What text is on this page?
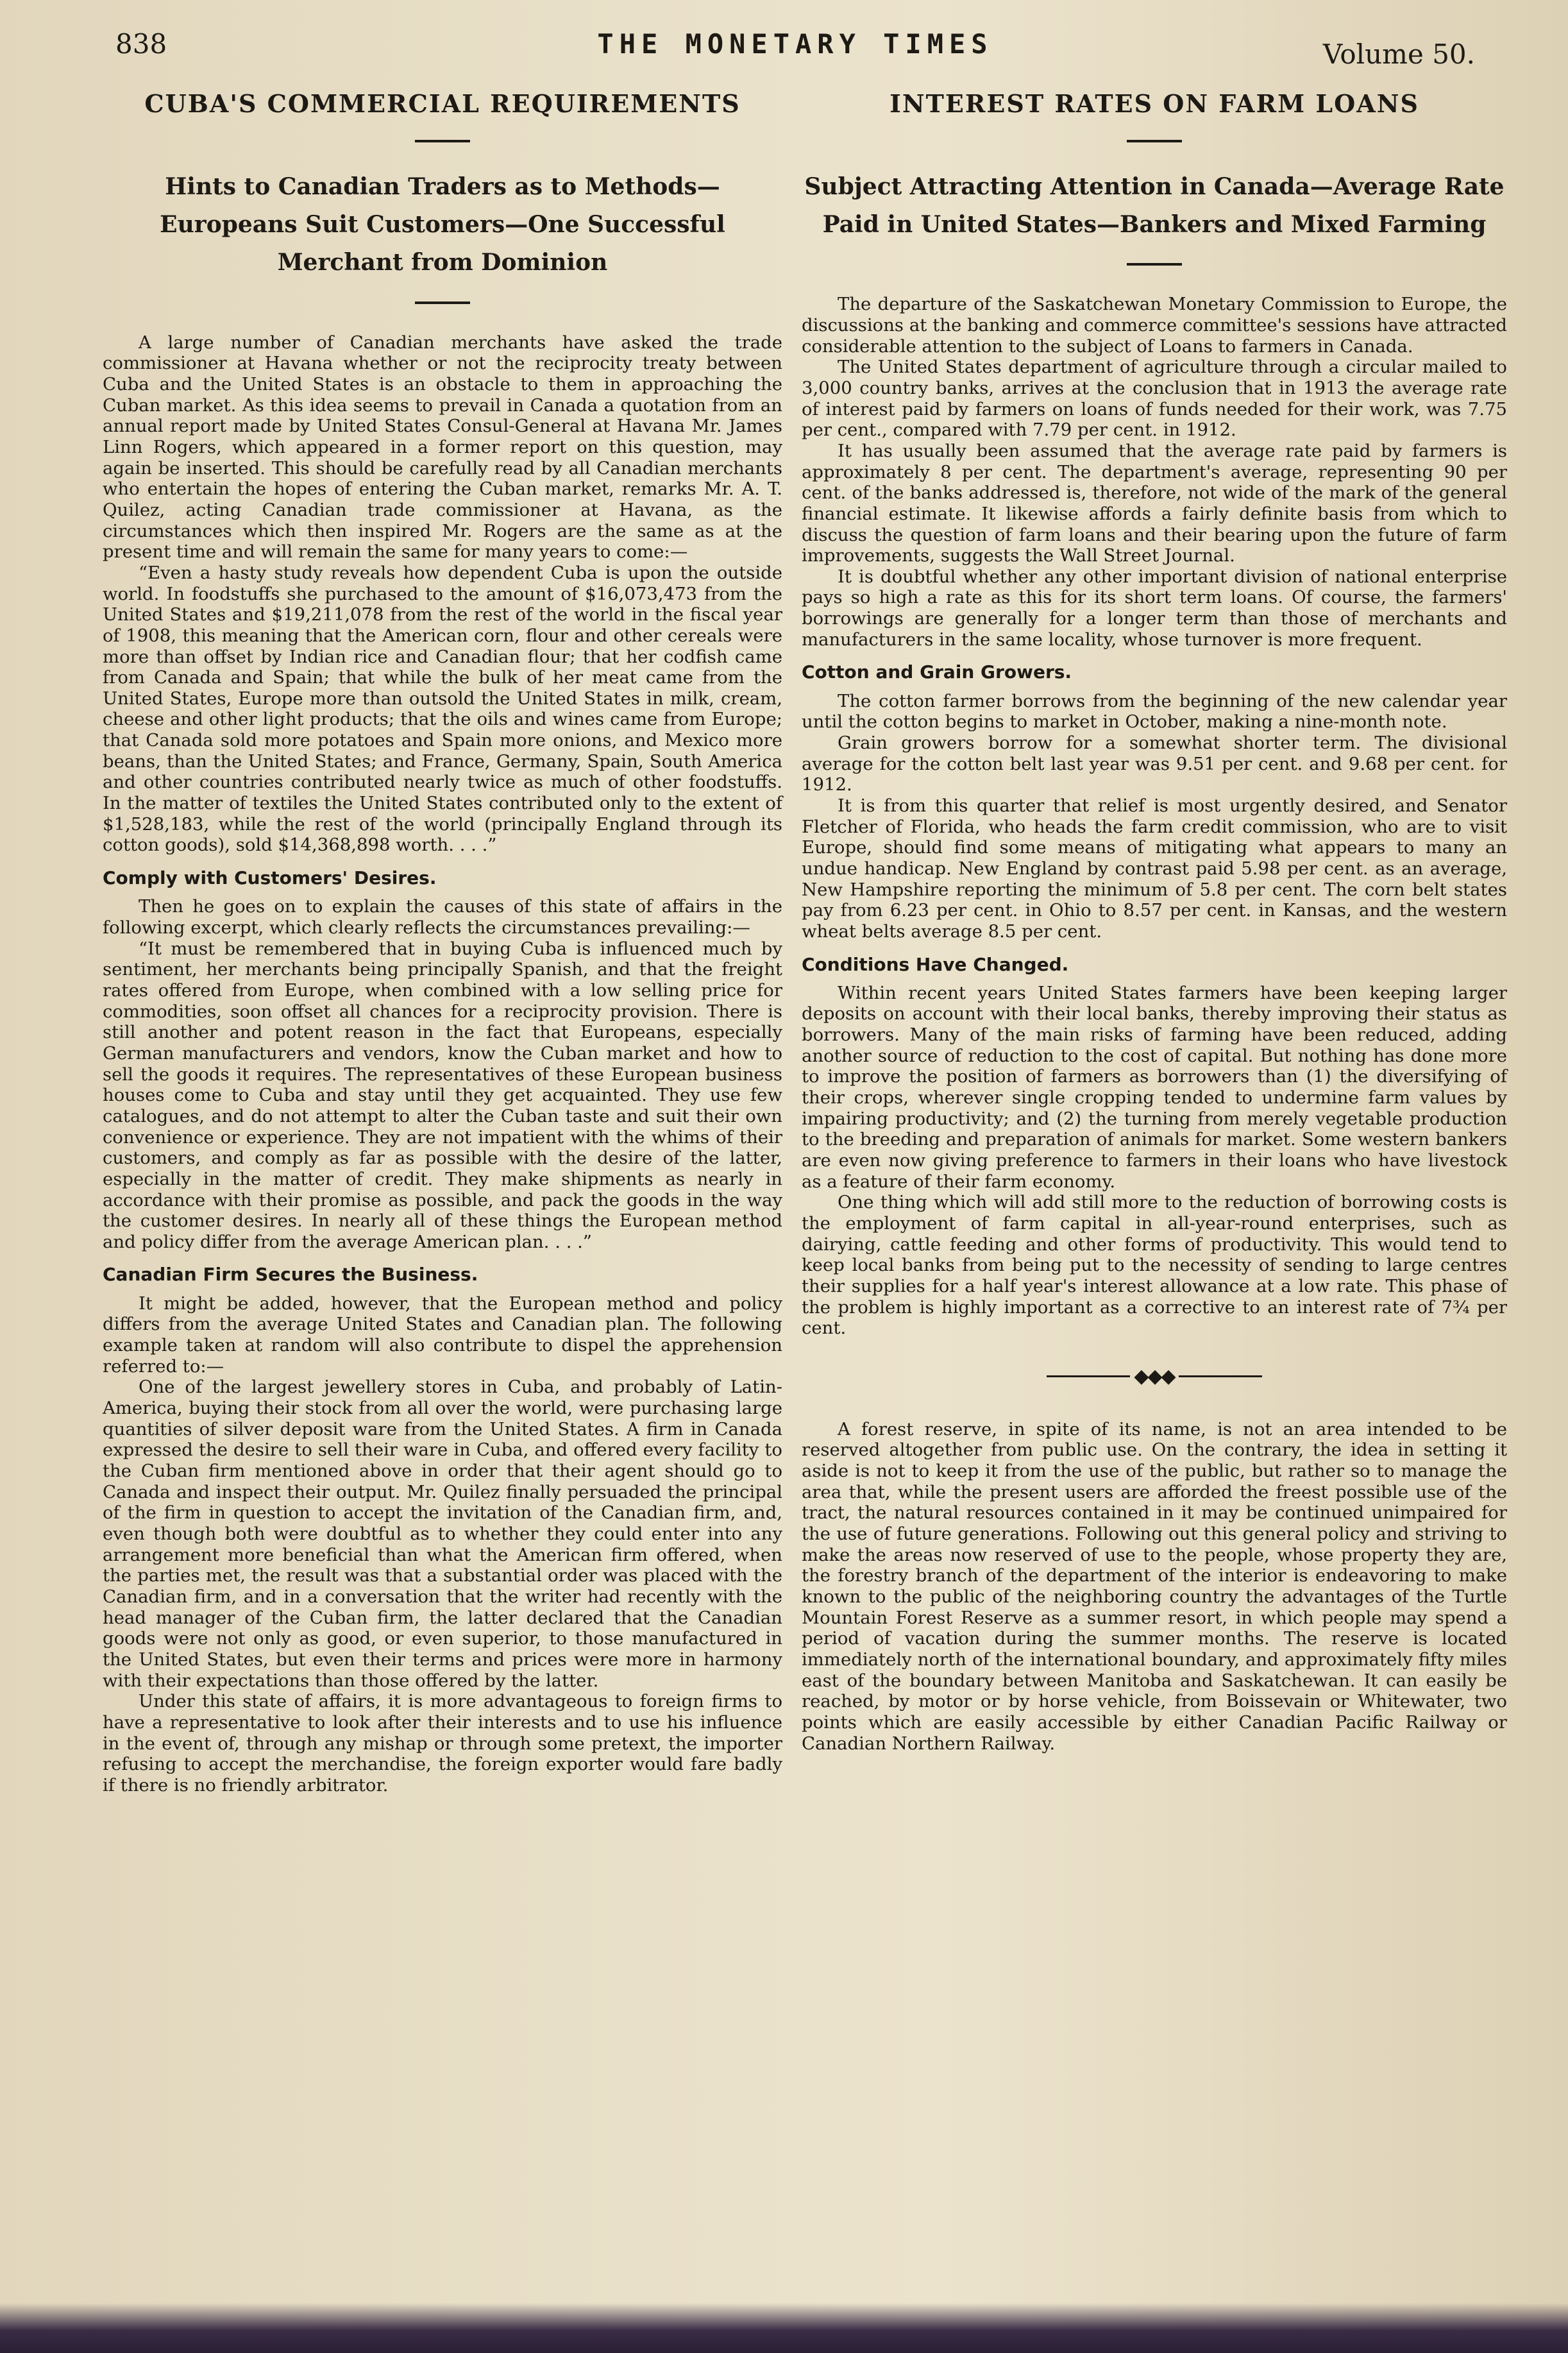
838	THE MONETARY TIMES	Volume 50.
CUBA'S COMMERCIAL REQUIREMENTS
Hints to Canadian Traders as to Methods—Europeans Suit Customers—One Successful Merchant from Dominion

A large number of Canadian merchants have asked the trade commissioner at Havana whether or not the reciprocity treaty between Cuba and the United States is an obstacle to them in approaching the Cuban market. As this idea seems to prevail in Canada a quotation from an annual report made by United States Consul-General at Havana Mr. James Linn Rogers, which appeared in a former report on this question, may again be inserted. This should be carefully read by all Canadian merchants who entertain the hopes of entering the Cuban market, remarks Mr. A. T. Quilez, acting Canadian trade commissioner at Havana, as the circumstances which then inspired Mr. Rogers are the same as at the present time and will remain the same for many years to come:—

“Even a hasty study reveals how dependent Cuba is upon the outside world. In foodstuffs she purchased to the amount of $16,073,473 from the United States and $19,211,078 from the rest of the world in the fiscal year of 1908, this meaning that the American corn, flour and other cereals were more than offset by Indian rice and Canadian flour; that her codfish came from Canada and Spain; that while the bulk of her meat came from the United States, Europe more than outsold the United States in milk, cream, cheese and other light products; that the oils and wines came from Europe; that Canada sold more potatoes and Spain more onions, and Mexico more beans, than the United States; and France, Germany, Spain, South America and other countries contributed nearly twice as much of other foodstuffs. In the matter of textiles the United States contributed only to the extent of $1,528,183, while the rest of the world (principally England through its cotton goods), sold $14,368,898 worth. . . .”

Comply with Customers' Desires.

Then he goes on to explain the causes of this state of affairs in the following excerpt, which clearly reflects the circumstances prevailing:—

“It must be remembered that in buying Cuba is influenced much by sentiment, her merchants being principally Spanish, and that the freight rates offered from Europe, when combined with a low selling price for commodities, soon offset all chances for a reciprocity provision. There is still another and potent reason in the fact that Europeans, especially German manufacturers and vendors, know the Cuban market and how to sell the goods it requires. The representatives of these European business houses come to Cuba and stay until they get acquainted. They use few catalogues, and do not attempt to alter the Cuban taste and suit their own convenience or experience. They are not impatient with the whims of their customers, and comply as far as possible with the desire of the latter, especially in the matter of credit. They make shipments as nearly in accordance with their promise as possible, and pack the goods in the way the customer desires. In nearly all of these things the European method and policy differ from the average American plan. . . .”

Canadian Firm Secures the Business.

It might be added, however, that the European method and policy differs from the average United States and Canadian plan. The following example taken at random will also contribute to dispel the apprehension referred to:—

One of the largest jewellery stores in Cuba, and probably of Latin-America, buying their stock from all over the world, were purchasing large quantities of silver deposit ware from the United States. A firm in Canada expressed the desire to sell their ware in Cuba, and offered every facility to the Cuban firm mentioned above in order that their agent should go to Canada and inspect their output. Mr. Quilez finally persuaded the principal of the firm in question to accept the invitation of the Canadian firm, and, even though both were doubtful as to whether they could enter into any arrangement more beneficial than what the American firm offered, when the parties met, the result was that a substantial order was placed with the Canadian firm, and in a conversation that the writer had recently with the head manager of the Cuban firm, the latter declared that the Canadian goods were not only as good, or even superior, to those manufactured in the United States, but even their terms and prices were more in harmony with their expectations than those offered by the latter.

Under this state of affairs, it is more advantageous to foreign firms to have a representative to look after their interests and to use his influence in the event of, through any mishap or through some pretext, the importer refusing to accept the merchandise, the foreign exporter would fare badly if there is no friendly arbitrator.

INTEREST RATES ON FARM LOANS
Subject Attracting Attention in Canada—Average Rate Paid in United States—Bankers and Mixed Farming

The departure of the Saskatchewan Monetary Commission to Europe, the discussions at the banking and commerce committee's sessions have attracted considerable attention to the subject of Loans to farmers in Canada.

The United States department of agriculture through a circular mailed to 3,000 country banks, arrives at the conclusion that in 1913 the average rate of interest paid by farmers on loans of funds needed for their work, was 7.75 per cent., compared with 7.79 per cent. in 1912.

It has usually been assumed that the average rate paid by farmers is approximately 8 per cent. The department's average, representing 90 per cent. of the banks addressed is, therefore, not wide of the mark of the general financial estimate. It likewise affords a fairly definite basis from which to discuss the question of farm loans and their bearing upon the future of farm improvements, suggests the Wall Street Journal.

It is doubtful whether any other important division of national enterprise pays so high a rate as this for its short term loans. Of course, the farmers' borrowings are generally for a longer term than those of merchants and manufacturers in the same locality, whose turnover is more frequent.

Cotton and Grain Growers.

The cotton farmer borrows from the beginning of the new calendar year until the cotton begins to market in October, making a nine-month note.

Grain growers borrow for a somewhat shorter term. The divisional average for the cotton belt last year was 9.51 per cent. and 9.68 per cent. for 1912.

It is from this quarter that relief is most urgently desired, and Senator Fletcher of Florida, who heads the farm credit commission, who are to visit Europe, should find some means of mitigating what appears to many an undue handicap. New England by contrast paid 5.98 per cent. as an average, New Hampshire reporting the minimum of 5.8 per cent. The corn belt states pay from 6.23 per cent. in Ohio to 8.57 per cent. in Kansas, and the western wheat belts average 8.5 per cent.

Conditions Have Changed.

Within recent years United States farmers have been keeping larger deposits on account with their local banks, thereby improving their status as borrowers. Many of the main risks of farming have been reduced, adding another source of reduction to the cost of capital. But nothing has done more to improve the position of farmers as borrowers than (1) the diversifying of their crops, wherever single cropping tended to undermine farm values by impairing productivity; and (2) the turning from merely vegetable production to the breeding and preparation of animals for market. Some western bankers are even now giving preference to farmers in their loans who have livestock as a feature of their farm economy.

One thing which will add still more to the reduction of borrowing costs is the employment of farm capital in all-year-round enterprises, such as dairying, cattle feeding and other forms of productivity. This would tend to keep local banks from being put to the necessity of sending to large centres their supplies for a half year's interest allowance at a low rate. This phase of the problem is highly important as a corrective to an interest rate of 7¾ per cent.

◆◆◆

A forest reserve, in spite of its name, is not an area intended to be reserved altogether from public use. On the contrary, the idea in setting it aside is not to keep it from the use of the public, but rather so to manage the area that, while the present users are afforded the freest possible use of the tract, the natural resources contained in it may be continued unimpaired for the use of future generations. Following out this general policy and striving to make the areas now reserved of use to the people, whose property they are, the forestry branch of the department of the interior is endeavoring to make known to the public of the neighboring country the advantages of the Turtle Mountain Forest Reserve as a summer resort, in which people may spend a period of vacation during the summer months. The reserve is located immediately north of the international boundary, and approximately fifty miles east of the boundary between Manitoba and Saskatchewan. It can easily be reached, by motor or by horse vehicle, from Boissevain or Whitewater, two points which are easily accessible by either Canadian Pacific Railway or Canadian Northern Railway.
